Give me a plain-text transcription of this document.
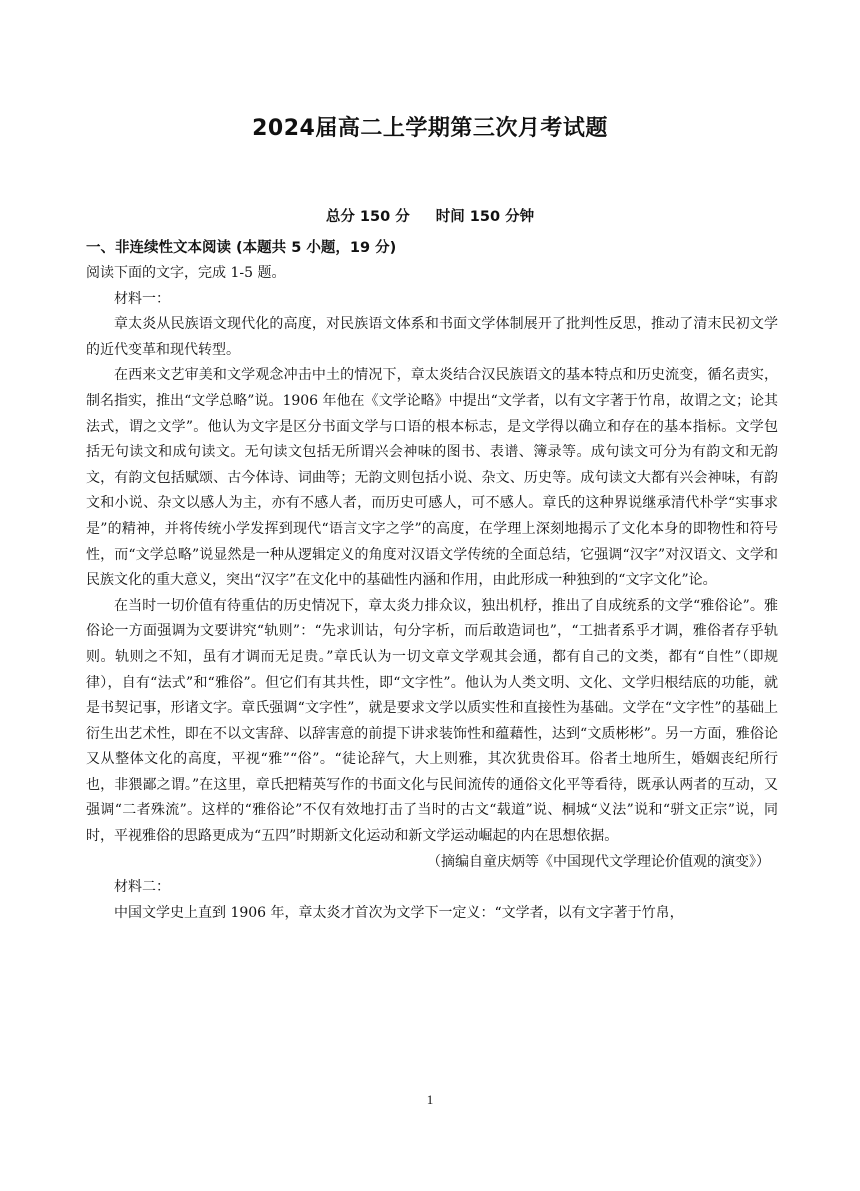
2024届高二上学期第三次月考试题
总分 150 分 时间 150 分钟

一、非连续性文本阅读 (本题共 5 小题，19 分)

阅读下面的文字，完成 1-5 题。

材料一：

章太炎从民族语文现代化的高度，对民族语文体系和书面文学体制展开了批判性反思，推动了清末民初文学的近代变革和现代转型。

在西来文艺审美和文学观念冲击中土的情况下，章太炎结合汉民族语文的基本特点和历史流变，循名责实，制名指实，推出“文学总略”说。1906 年他在《文学论略》中提出“文学者，以有文字著于竹帛，故谓之文；论其法式，谓之文学”。他认为文字是区分书面文学与口语的根本标志，是文学得以确立和存在的基本指标。文学包括无句读文和成句读文。无句读文包括无所谓兴会神味的图书、表谱、簿录等。成句读文可分为有韵文和无韵文，有韵文包括赋颂、古今体诗、词曲等；无韵文则包括小说、杂文、历史等。成句读文大都有兴会神味，有韵文和小说、杂文以感人为主，亦有不感人者，而历史可感人，可不感人。章氏的这种界说继承清代朴学“实事求是”的精神，并将传统小学发挥到现代“语言文字之学”的高度，在学理上深刻地揭示了文化本身的即物性和符号性，而“文学总略”说显然是一种从逻辑定义的角度对汉语文学传统的全面总结，它强调“汉字”对汉语文、文学和民族文化的重大意义，突出“汉字”在文化中的基础性内涵和作用，由此形成一种独到的“文字文化”论。

在当时一切价值有待重估的历史情况下，章太炎力排众议，独出机杼，推出了自成统系的文学“雅俗论”。雅俗论一方面强调为文要讲究“轨则”：“先求训诂，句分字析，而后敢造词也”，“工拙者系乎才调，雅俗者存乎轨则。轨则之不知，虽有才调而无足贵。”章氏认为一切文章文学观其会通，都有自己的文类，都有“自性”（即规律），自有“法式”和“雅俗”。但它们有其共性，即“文字性”。他认为人类文明、文化、文学归根结底的功能，就是书契记事，形诸文字。章氏强调“文字性”，就是要求文学以质实性和直接性为基础。文学在“文字性”的基础上衍生出艺术性，即在不以文害辞、以辞害意的前提下讲求装饰性和蕴藉性，达到“文质彬彬”。另一方面，雅俗论又从整体文化的高度，平视“雅”“俗”。“徒论辞气，大上则雅，其次犹贵俗耳。俗者土地所生，婚姻丧纪所行也，非猥鄙之谓。”在这里，章氏把精英写作的书面文化与民间流传的通俗文化平等看待，既承认两者的互动，又强调“二者殊流”。这样的“雅俗论”不仅有效地打击了当时的古文“载道”说、桐城“义法”说和“骈文正宗”说，同时，平视雅俗的思路更成为“五四”时期新文化运动和新文学运动崛起的内在思想依据。

（摘编自童庆炳等《中国现代文学理论价值观的演变》）

材料二：

中国文学史上直到 1906 年，章太炎才首次为文学下一定义：“文学者，以有文字著于竹帛，

1
